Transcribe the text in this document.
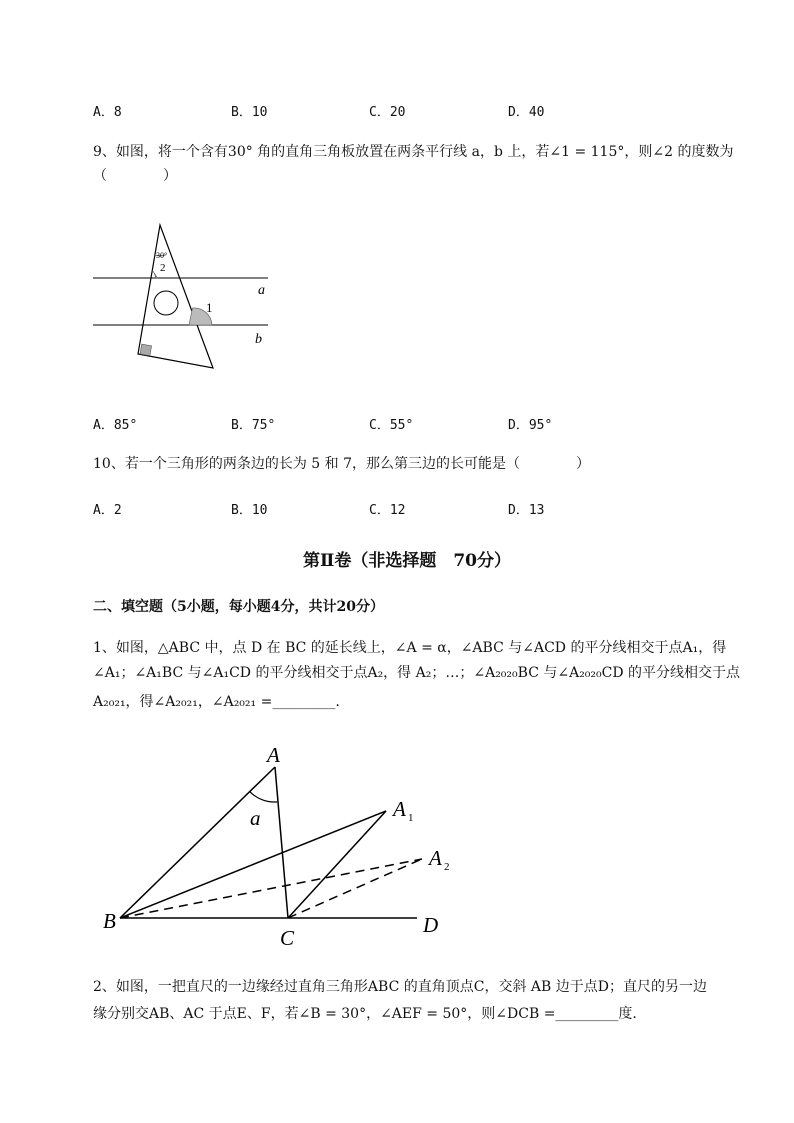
A．8	B．10	C．20	D．40
9、如图，将一个含有30° 角的直角三角板放置在两条平行线 a，b 上，若∠1 = 115°，则∠2 的度数为
（　　　　）
30°
2
1
a
b
A．85°	B．75°	C．55°	D．95°
10、若一个三角形的两条边的长为 5 和 7，那么第三边的长可能是（　　　　）
A．2	B．10	C．12	D．13
第Ⅱ卷（非选择题　70分）
二、填空题（5小题，每小题4分，共计20分）
1、如图，△ABC 中，点 D 在 BC 的延长线上，∠A = α，∠ABC 与∠ACD 的平分线相交于点A₁，得
∠A₁；∠A₁BC 与∠A₁CD 的平分线相交于点A₂，得 A₂；…；∠A₂₀₂₀BC 与∠A₂₀₂₀CD 的平分线相交于点
A₂₀₂₁，得∠A₂₀₂₁，∠A₂₀₂₁ =_________.
A
A 1
A 2
B
C
D
a
2、如图，一把直尺的一边缘经过直角三角形ABC 的直角顶点C，交斜 AB 边于点D；直尺的另一边
缘分别交AB、AC 于点E、F，若∠B = 30°，∠AEF = 50°，则∠DCB =_________度.
